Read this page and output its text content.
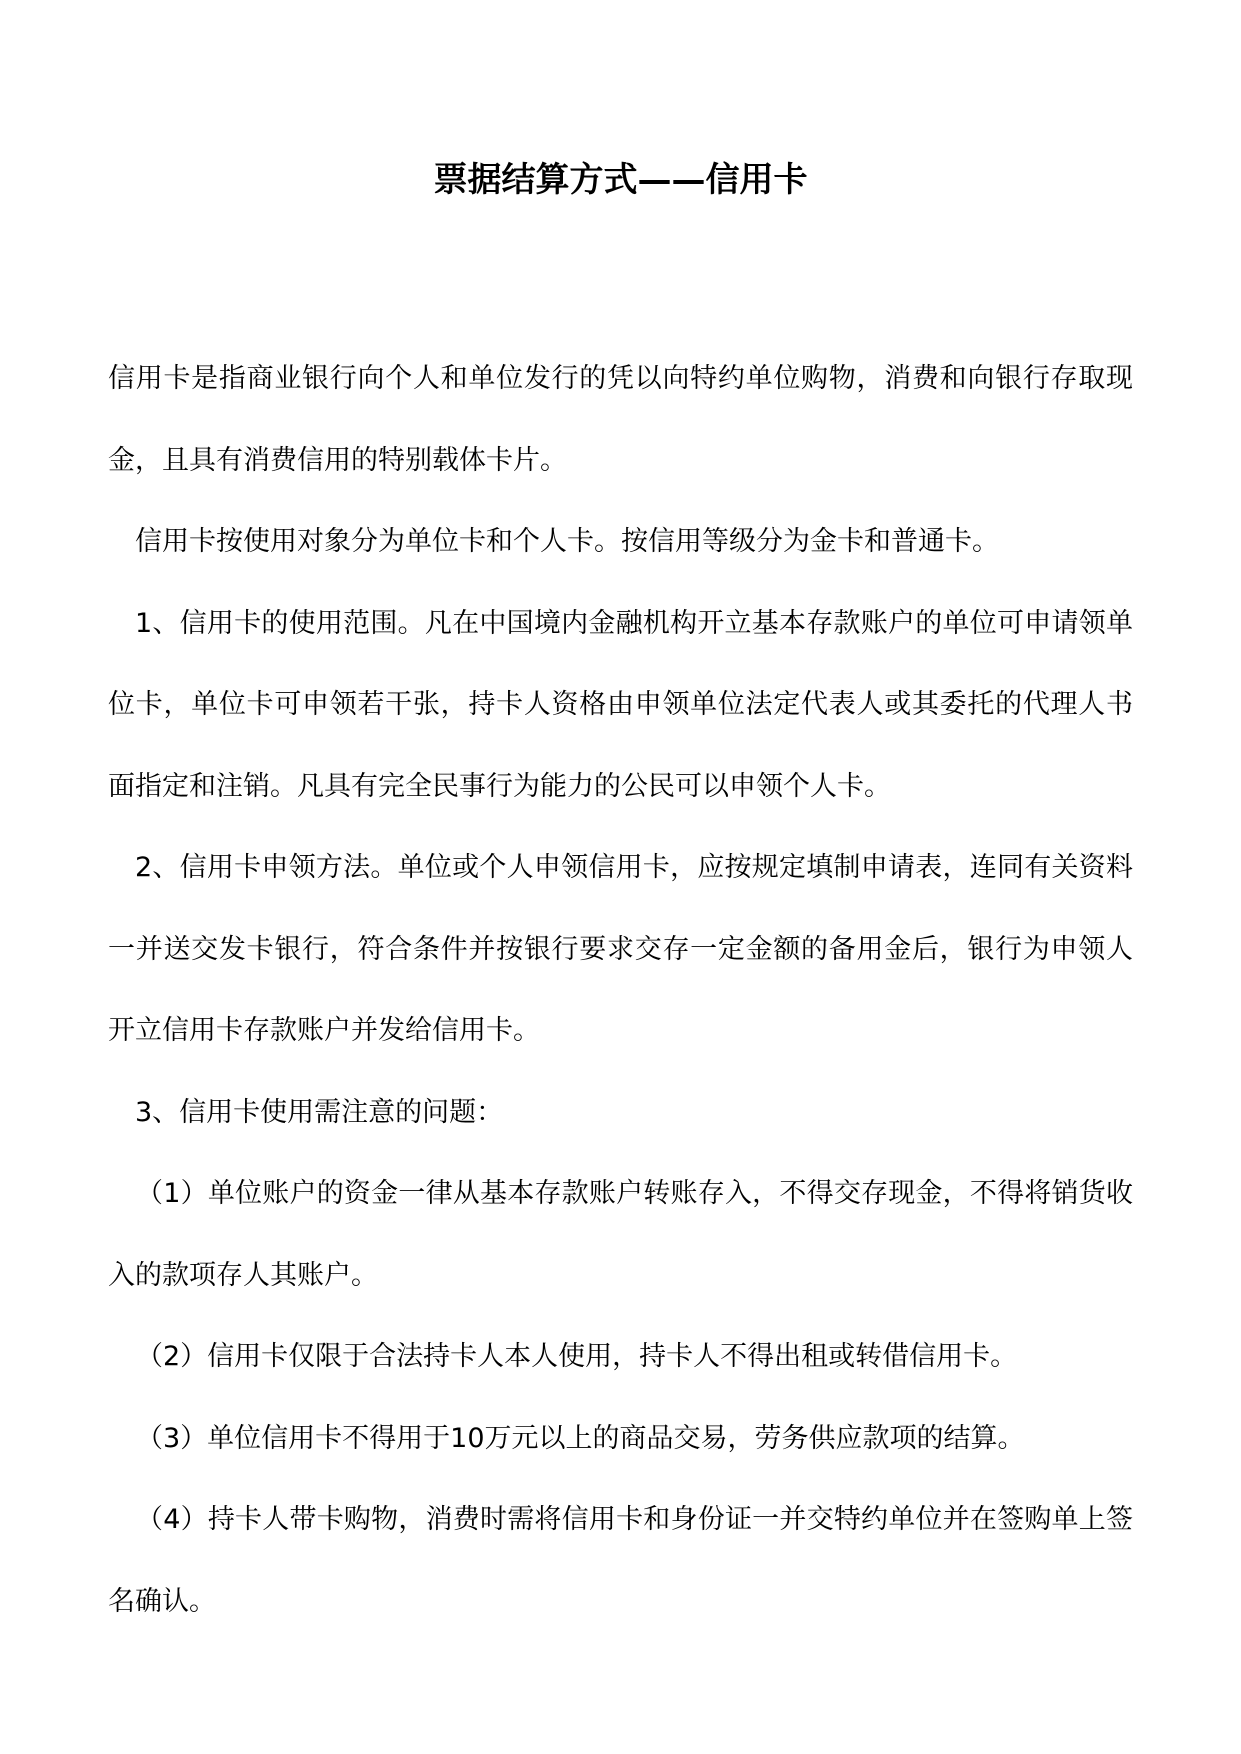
票据结算方式——信用卡

信用卡是指商业银行向个人和单位发行的凭以向特约单位购物，消费和向银行存取现金，且具有消费信用的特别载体卡片。

信用卡按使用对象分为单位卡和个人卡。按信用等级分为金卡和普通卡。

1、信用卡的使用范围。凡在中国境内金融机构开立基本存款账户的单位可申请领单位卡，单位卡可申领若干张，持卡人资格由申领单位法定代表人或其委托的代理人书面指定和注销。凡具有完全民事行为能力的公民可以申领个人卡。

2、信用卡申领方法。单位或个人申领信用卡，应按规定填制申请表，连同有关资料一并送交发卡银行，符合条件并按银行要求交存一定金额的备用金后，银行为申领人开立信用卡存款账户并发给信用卡。

3、信用卡使用需注意的问题：

（1）单位账户的资金一律从基本存款账户转账存入，不得交存现金，不得将销货收入的款项存人其账户。

（2）信用卡仅限于合法持卡人本人使用，持卡人不得出租或转借信用卡。

（3）单位信用卡不得用于10万元以上的商品交易，劳务供应款项的结算。

（4）持卡人带卡购物，消费时需将信用卡和身份证一并交特约单位并在签购单上签名确认。
